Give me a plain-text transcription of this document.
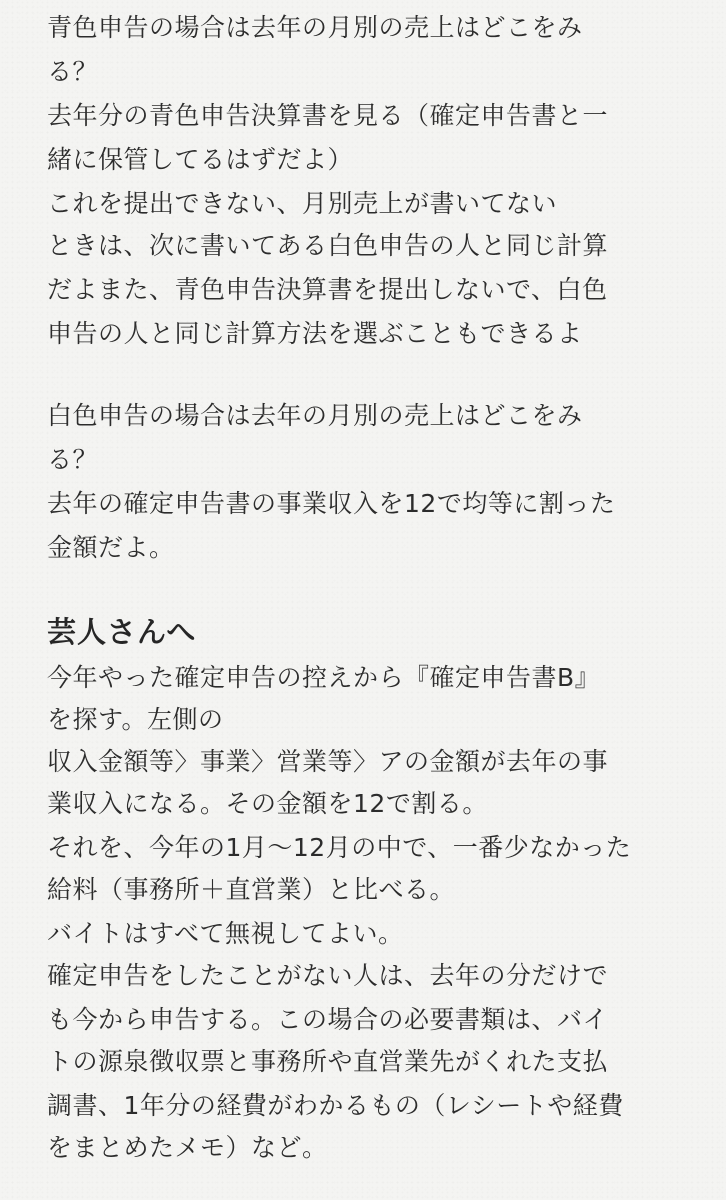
青色申告の場合は去年の月別の売上はどこをみ
る？
去年分の青色申告決算書を見る（確定申告書と一
緒に保管してるはずだよ）
これを提出できない、月別売上が書いてない
ときは、次に書いてある白色申告の人と同じ計算
だよまた、青色申告決算書を提出しないで、白色
申告の人と同じ計算方法を選ぶこともできるよ
白色申告の場合は去年の月別の売上はどこをみ
る？
去年の確定申告書の事業収入を12で均等に割った
金額だよ。
芸人さんへ
今年やった確定申告の控えから『確定申告書B』
を探す。左側の
収入金額等〉事業〉営業等〉アの金額が去年の事
業収入になる。その金額を12で割る。
それを、今年の1月〜12月の中で、一番少なかった
給料（事務所＋直営業）と比べる。
バイトはすべて無視してよい。
確定申告をしたことがない人は、去年の分だけで
も今から申告する。この場合の必要書類は、バイ
トの源泉徴収票と事務所や直営業先がくれた支払
調書、1年分の経費がわかるもの（レシートや経費
をまとめたメモ）など。
